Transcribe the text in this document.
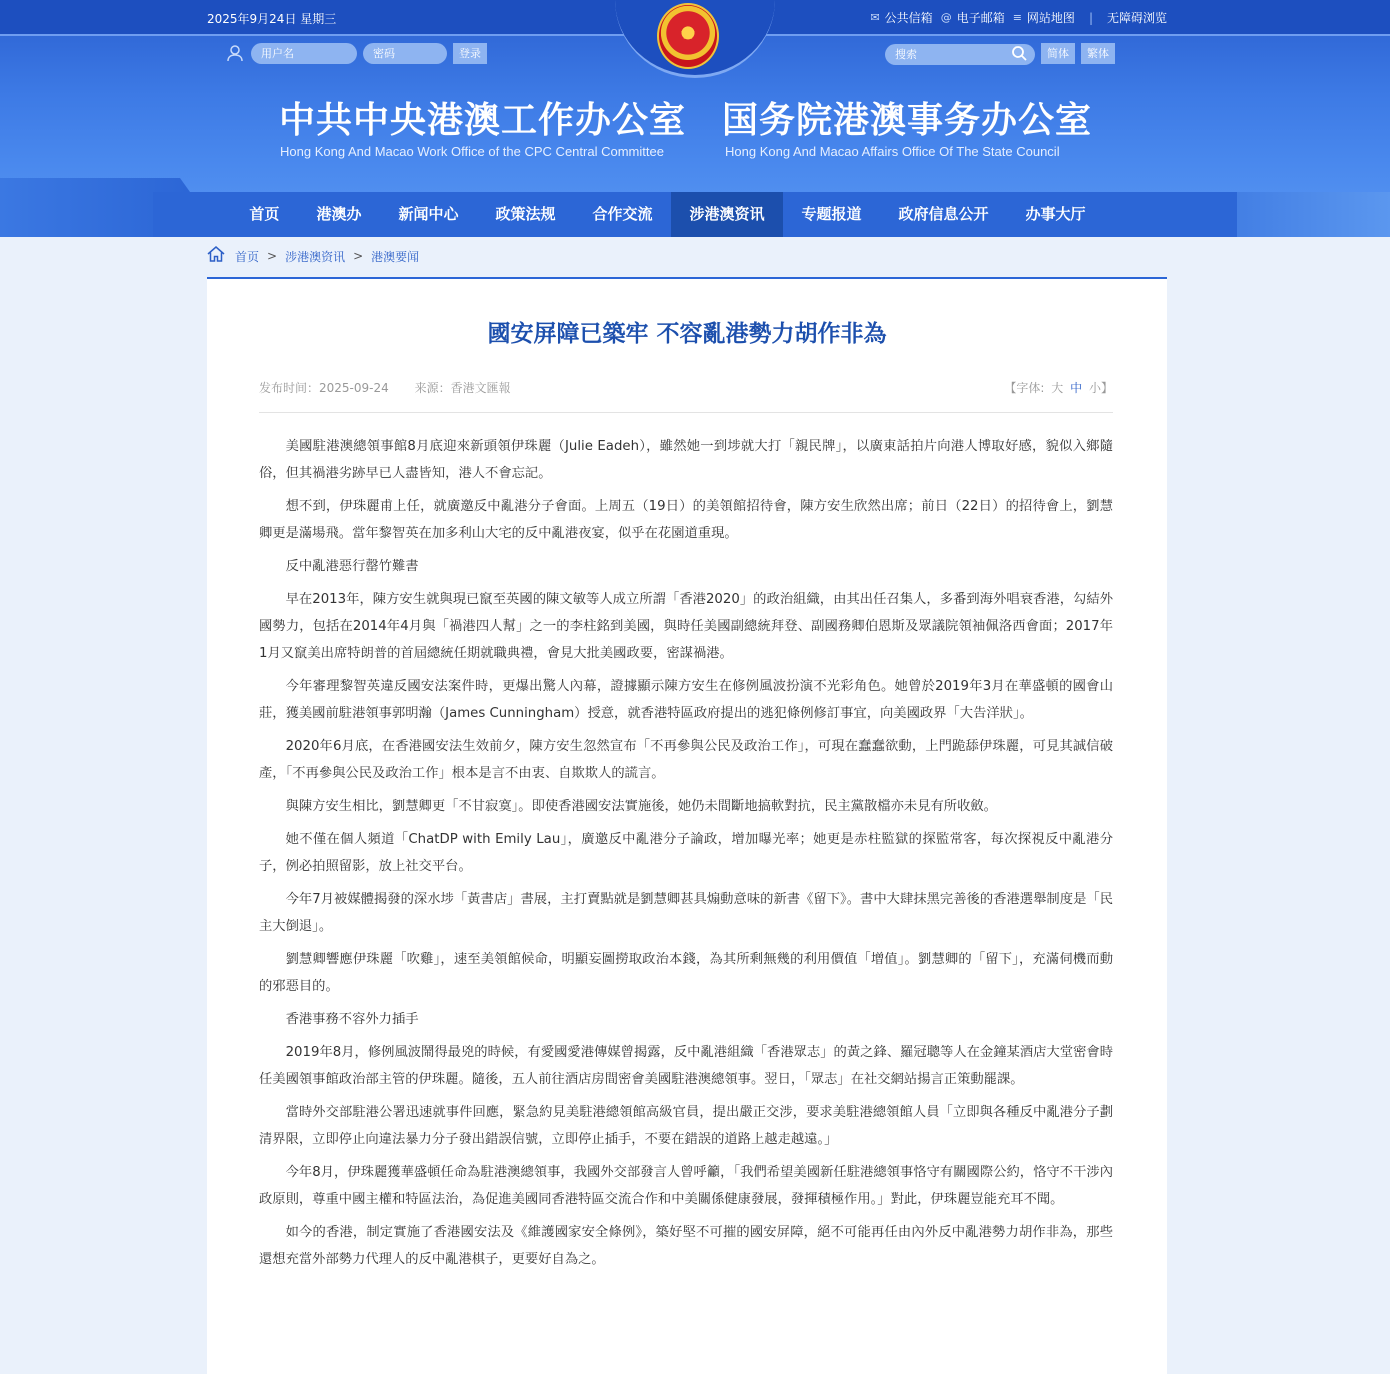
2025年9月24日 星期三	✉ 公共信箱 @ 电子邮箱 ≡ 网站地图 | 无障碍浏览
★
用户名
登录
搜索	简体	繁体
中共中央港澳工作办公室
Hong Kong And Macao Work Office of the CPC Central Committee
国务院港澳事务办公室
Hong Kong And Macao Affairs Office Of The State Council
首页	港澳办	新闻中心	政策法规	合作交流	涉港澳资讯	专题报道	政府信息公开	办事大厅
首页 > 涉港澳资讯 > 港澳要闻
國安屏障已築牢 不容亂港勢力胡作非為
发布时间：2025-09-24 来源：香港文匯報	【字体: 大 中 小】

美國駐港澳總領事館8月底迎來新頭領伊珠麗（Julie Eadeh），雖然她一到埗就大打「親民牌」，以廣東話拍片向港人博取好感，貌似入鄉隨俗，但其禍港劣跡早已人盡皆知，港人不會忘記。

想不到，伊珠麗甫上任，就廣邀反中亂港分子會面。上周五（19日）的美領館招待會，陳方安生欣然出席；前日（22日）的招待會上，劉慧卿更是滿場飛。當年黎智英在加多利山大宅的反中亂港夜宴，似乎在花園道重現。

反中亂港惡行罄竹難書

早在2013年，陳方安生就與現已竄至英國的陳文敏等人成立所謂「香港2020」的政治組織，由其出任召集人，多番到海外唱衰香港，勾結外國勢力，包括在2014年4月與「禍港四人幫」之一的李柱銘到美國，與時任美國副總統拜登、副國務卿伯恩斯及眾議院領袖佩洛西會面；2017年1月又竄美出席特朗普的首屆總統任期就職典禮，會見大批美國政要，密謀禍港。

今年審理黎智英違反國安法案件時，更爆出驚人內幕，證據顯示陳方安生在修例風波扮演不光彩角色。她曾於2019年3月在華盛頓的國會山莊，獲美國前駐港領事郭明瀚（James Cunningham）授意，就香港特區政府提出的逃犯條例修訂事宜，向美國政界「大告洋狀」。

2020年6月底，在香港國安法生效前夕，陳方安生忽然宣布「不再參與公民及政治工作」，可現在蠢蠢欲動，上門跪舔伊珠麗，可見其誠信破產，「不再參與公民及政治工作」根本是言不由衷、自欺欺人的謊言。

與陳方安生相比，劉慧卿更「不甘寂寞」。即使香港國安法實施後，她仍未間斷地搞軟對抗，民主黨散檔亦未見有所收斂。

她不僅在個人頻道「ChatDP with Emily Lau」，廣邀反中亂港分子論政，增加曝光率；她更是赤柱監獄的探監常客，每次探視反中亂港分子，例必拍照留影，放上社交平台。

今年7月被媒體揭發的深水埗「黃書店」書展，主打賣點就是劉慧卿甚具煽動意味的新書《留下》。書中大肆抹黑完善後的香港選舉制度是「民主大倒退」。

劉慧卿響應伊珠麗「吹雞」，速至美領館候命，明顯妄圖撈取政治本錢，為其所剩無幾的利用價值「增值」。劉慧卿的「留下」，充滿伺機而動的邪惡目的。

香港事務不容外力插手

2019年8月，修例風波鬧得最兇的時候，有愛國愛港傳媒曾揭露，反中亂港組織「香港眾志」的黃之鋒、羅冠聰等人在金鐘某酒店大堂密會時任美國領事館政治部主管的伊珠麗。隨後，五人前往酒店房間密會美國駐港澳總領事。翌日，「眾志」在社交網站揚言正策動罷課。

當時外交部駐港公署迅速就事件回應，緊急約見美駐港總領館高級官員，提出嚴正交涉，要求美駐港總領館人員「立即與各種反中亂港分子劃清界限，立即停止向違法暴力分子發出錯誤信號，立即停止插手，不要在錯誤的道路上越走越遠。」

今年8月，伊珠麗獲華盛頓任命為駐港澳總領事，我國外交部發言人曾呼籲，「我們希望美國新任駐港總領事恪守有關國際公約，恪守不干涉內政原則，尊重中國主權和特區法治，為促進美國同香港特區交流合作和中美關係健康發展，發揮積極作用。」對此，伊珠麗豈能充耳不聞。

如今的香港，制定實施了香港國安法及《維護國家安全條例》，築好堅不可摧的國安屏障，絕不可能再任由內外反中亂港勢力胡作非為，那些還想充當外部勢力代理人的反中亂港棋子，更要好自為之。
